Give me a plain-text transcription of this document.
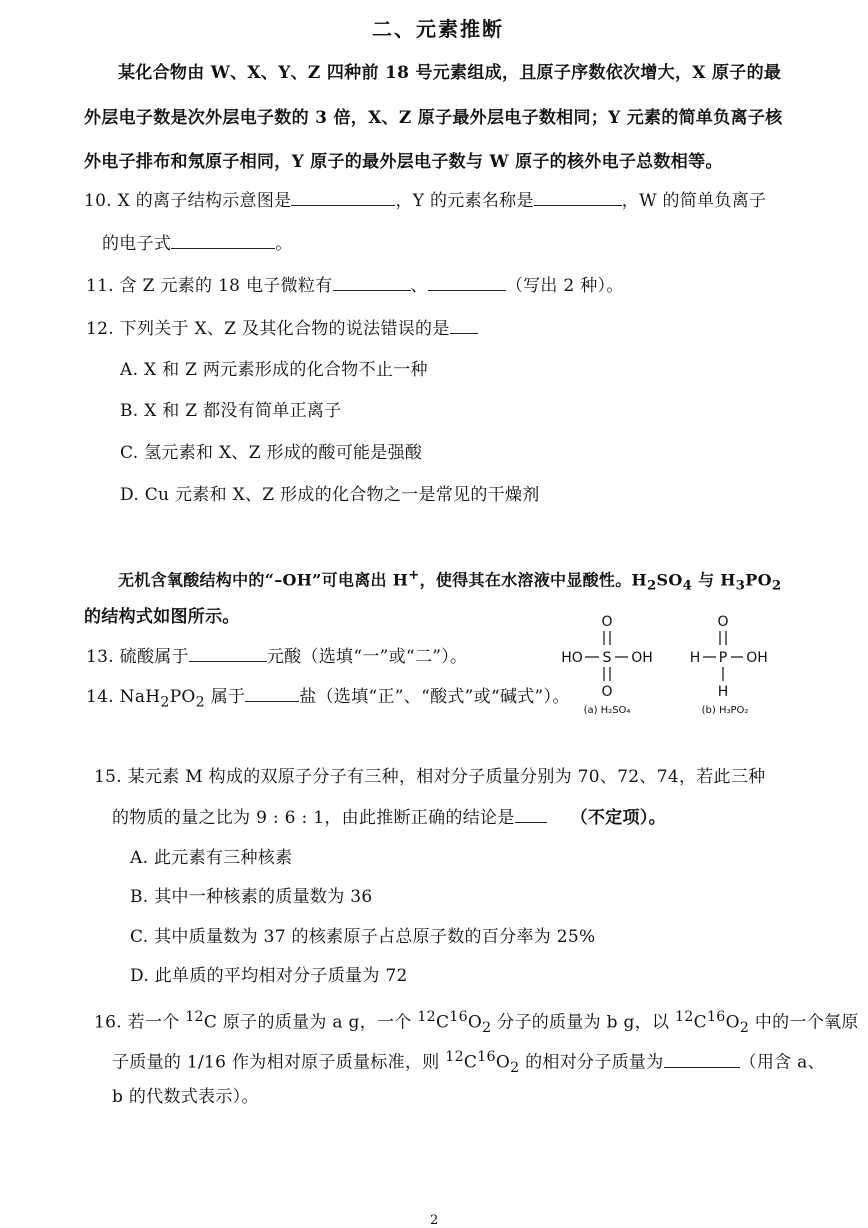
二、元素推断
某化合物由 W、X、Y、Z 四种前 18 号元素组成，且原子序数依次增大，X 原子的最
外层电子数是次外层电子数的 3 倍，X、Z 原子最外层电子数相同；Y 元素的简单负离子核
外电子排布和氖原子相同，Y 原子的最外层电子数与 W 原子的核外电子总数相等。
10. X 的离子结构示意图是	，Y 的元素名称是	，W 的简单负离子
的电子式	。
11. 含 Z 元素的 18 电子微粒有	、	（写出 2 种）。
12. 下列关于 X、Z 及其化合物的说法错误的是
A. X 和 Z 两元素形成的化合物不止一种
B. X 和 Z 都没有简单正离子
C. 氢元素和 X、Z 形成的酸可能是强酸
D. Cu 元素和 X、Z 形成的化合物之一是常见的干燥剂
无机含氧酸结构中的“–OH”可电离出 H+，使得其在水溶液中显酸性。$H_2SO_4$ 与 $H_3PO_2$
的结构式如图所示。
13. 硫酸属于	元酸（选填“一”或“二”）。
14. $NaH_2PO_2$ 属于	盐（选填“正”、“酸式”或“碱式”）。
O
HO S OH
O
(a) H₂SO₄
O
H P OH
H
(b) H₃PO₂
15. 某元素 M 构成的双原子分子有三种，相对分子质量分别为 70、72、74，若此三种
的物质的量之比为 9 : 6 : 1，由此推断正确的结论是	（不定项）。
A. 此元素有三种核素
B. 其中一种核素的质量数为 36
C. 其中质量数为 37 的核素原子占总原子数的百分率为 25%
D. 此单质的平均相对分子质量为 72
16. 若一个 $^{12}$C 原子的质量为 a g，一个 $^{12}C^{16}O_2$ 分子的质量为 b g，以 $^{12}C^{16}O_2$ 中的一个氧原
子质量的 1/16 作为相对原子质量标准，则 $^{12}C^{16}O_2$ 的相对分子质量为	（用含 a、
b 的代数式表示）。
2
